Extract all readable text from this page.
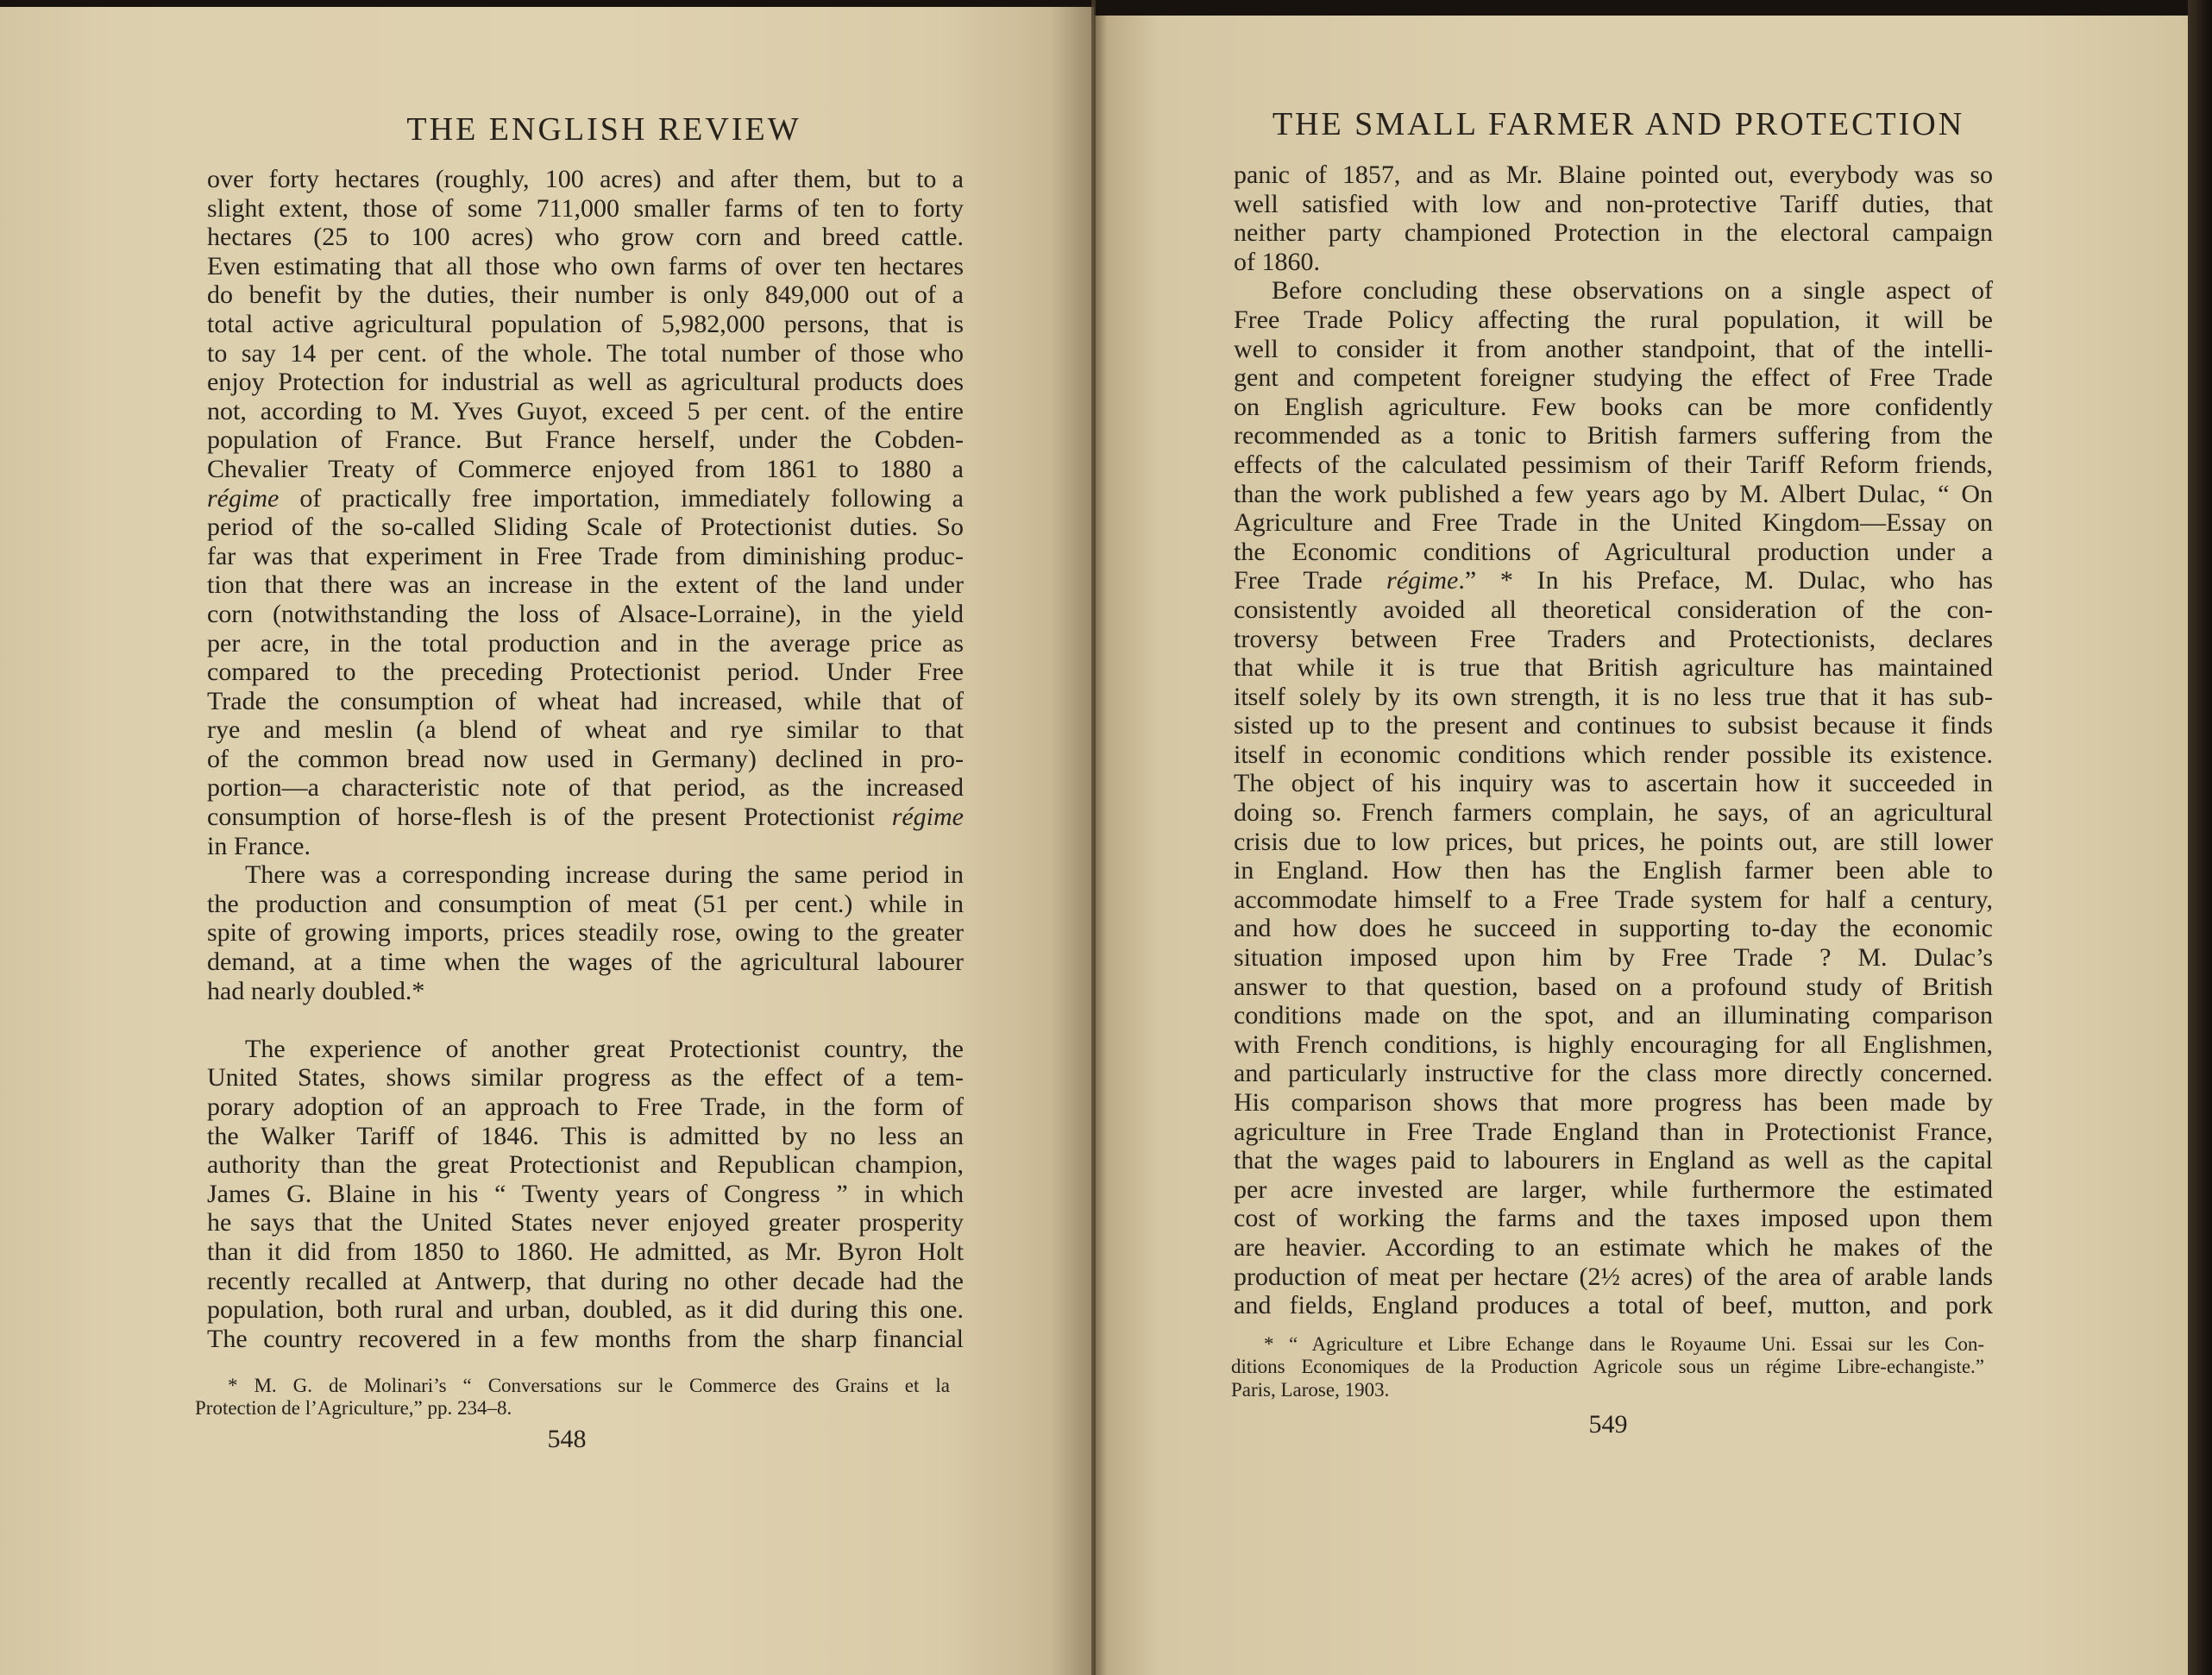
THE ENGLISH REVIEW
over forty hectares (roughly, 100 acres) and after them, but to a
slight extent, those of some 711,000 smaller farms of ten to forty
hectares (25 to 100 acres) who grow corn and breed cattle.
Even estimating that all those who own farms of over ten hectares
do benefit by the duties, their number is only 849,000 out of a
total active agricultural population of 5,982,000 persons, that is
to say 14 per cent. of the whole. The total number of those who
enjoy Protection for industrial as well as agricultural products does
not, according to M. Yves Guyot, exceed 5 per cent. of the entire
population of France. But France herself, under the Cobden-
Chevalier Treaty of Commerce enjoyed from 1861 to 1880 a
régime of practically free importation, immediately following a
period of the so-called Sliding Scale of Protectionist duties. So
far was that experiment in Free Trade from diminishing produc-
tion that there was an increase in the extent of the land under
corn (notwithstanding the loss of Alsace-Lorraine), in the yield
per acre, in the total production and in the average price as
compared to the preceding Protectionist period. Under Free
Trade the consumption of wheat had increased, while that of
rye and meslin (a blend of wheat and rye similar to that
of the common bread now used in Germany) declined in pro-
portion—a characteristic note of that period, as the increased
consumption of horse-flesh is of the present Protectionist régime
in France.
There was a corresponding increase during the same period in
the production and consumption of meat (51 per cent.) while in
spite of growing imports, prices steadily rose, owing to the greater
demand, at a time when the wages of the agricultural labourer
had nearly doubled.*
The experience of another great Protectionist country, the
United States, shows similar progress as the effect of a tem-
porary adoption of an approach to Free Trade, in the form of
the Walker Tariff of 1846. This is admitted by no less an
authority than the great Protectionist and Republican champion,
James G. Blaine in his “ Twenty years of Congress ” in which
he says that the United States never enjoyed greater prosperity
than it did from 1850 to 1860. He admitted, as Mr. Byron Holt
recently recalled at Antwerp, that during no other decade had the
population, both rural and urban, doubled, as it did during this one.
The country recovered in a few months from the sharp financial
* M. G. de Molinari’s “ Conversations sur le Commerce des Grains et la
Protection de l’Agriculture,” pp. 234–8.
548
THE SMALL FARMER AND PROTECTION
panic of 1857, and as Mr. Blaine pointed out, everybody was so
well satisfied with low and non-protective Tariff duties, that
neither party championed Protection in the electoral campaign
of 1860.
Before concluding these observations on a single aspect of
Free Trade Policy affecting the rural population, it will be
well to consider it from another standpoint, that of the intelli-
gent and competent foreigner studying the effect of Free Trade
on English agriculture. Few books can be more confidently
recommended as a tonic to British farmers suffering from the
effects of the calculated pessimism of their Tariff Reform friends,
than the work published a few years ago by M. Albert Dulac, “ On
Agriculture and Free Trade in the United Kingdom—Essay on
the Economic conditions of Agricultural production under a
Free Trade régime.” * In his Preface, M. Dulac, who has
consistently avoided all theoretical consideration of the con-
troversy between Free Traders and Protectionists, declares
that while it is true that British agriculture has maintained
itself solely by its own strength, it is no less true that it has sub-
sisted up to the present and continues to subsist because it finds
itself in economic conditions which render possible its existence.
The object of his inquiry was to ascertain how it succeeded in
doing so. French farmers complain, he says, of an agricultural
crisis due to low prices, but prices, he points out, are still lower
in England. How then has the English farmer been able to
accommodate himself to a Free Trade system for half a century,
and how does he succeed in supporting to-day the economic
situation imposed upon him by Free Trade ? M. Dulac’s
answer to that question, based on a profound study of British
conditions made on the spot, and an illuminating comparison
with French conditions, is highly encouraging for all Englishmen,
and particularly instructive for the class more directly concerned.
His comparison shows that more progress has been made by
agriculture in Free Trade England than in Protectionist France,
that the wages paid to labourers in England as well as the capital
per acre invested are larger, while furthermore the estimated
cost of working the farms and the taxes imposed upon them
are heavier. According to an estimate which he makes of the
production of meat per hectare (2½ acres) of the area of arable lands
and fields, England produces a total of beef, mutton, and pork
* “ Agriculture et Libre Echange dans le Royaume Uni. Essai sur les Con-
ditions Economiques de la Production Agricole sous un régime Libre-echangiste.”
Paris, Larose, 1903.
549
